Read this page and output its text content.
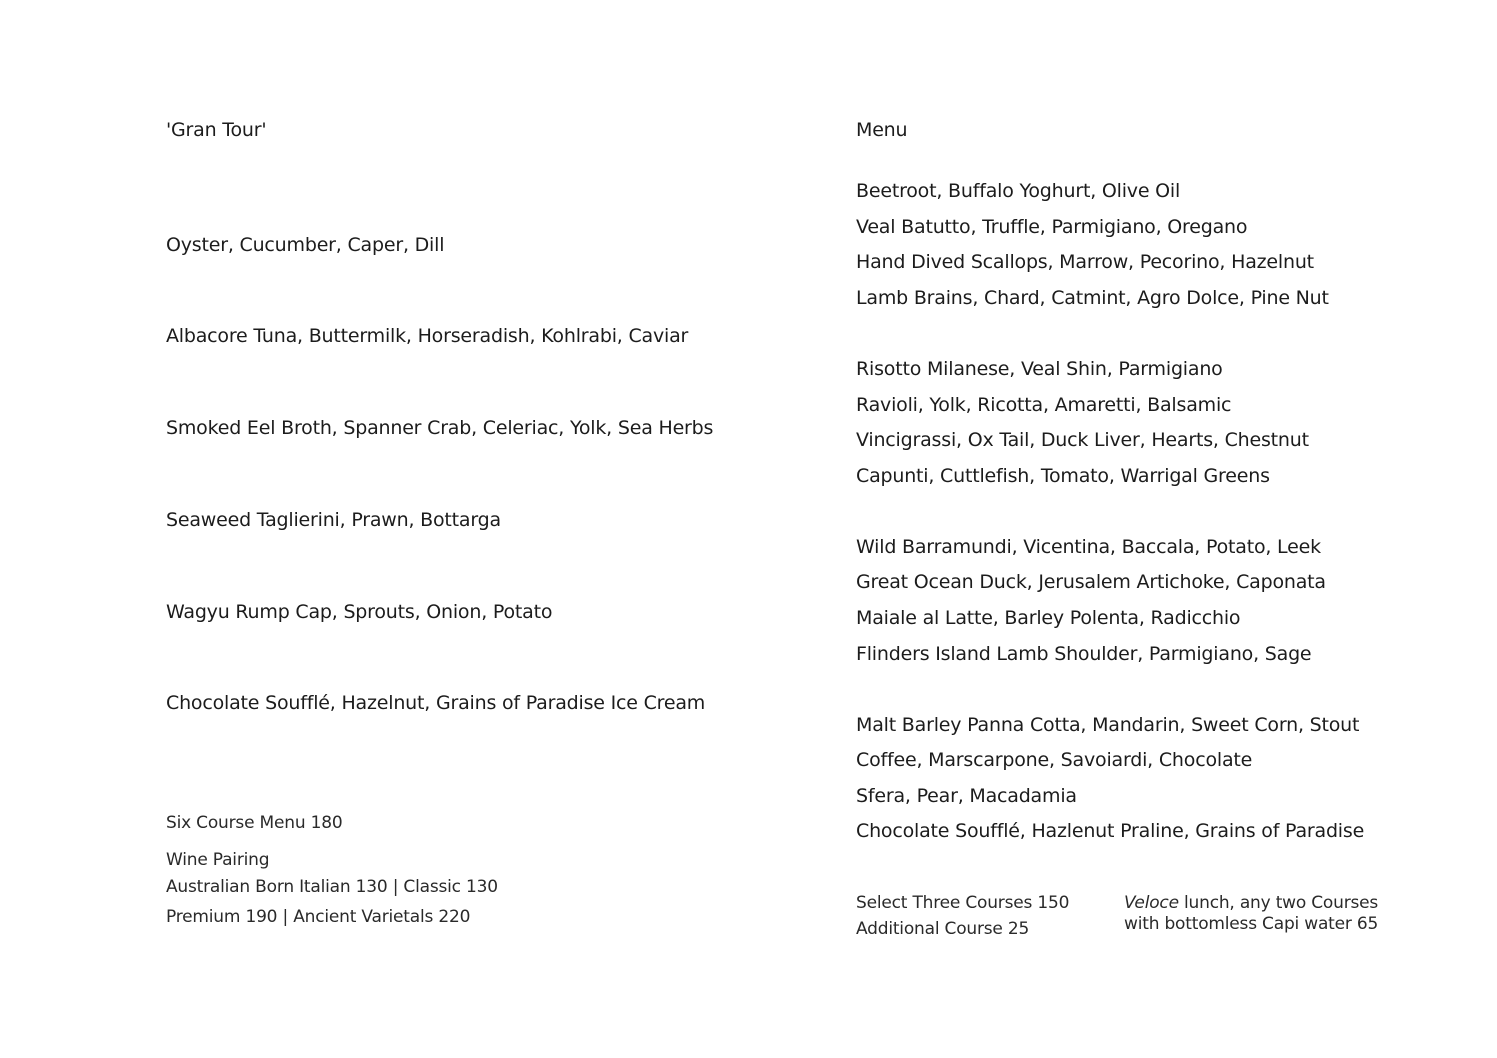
'Gran Tour'
Oyster, Cucumber, Caper, Dill
Albacore Tuna, Buttermilk, Horseradish, Kohlrabi, Caviar
Smoked Eel Broth, Spanner Crab, Celeriac, Yolk, Sea Herbs
Seaweed Taglierini, Prawn, Bottarga
Wagyu Rump Cap, Sprouts, Onion, Potato
Chocolate Soufflé, Hazelnut, Grains of Paradise Ice Cream
Six Course Menu 180
Wine Pairing
Australian Born Italian 130 | Classic 130
Premium 190 | Ancient Varietals 220
Menu
Beetroot, Buffalo Yoghurt, Olive Oil
Veal Batutto, Truffle, Parmigiano, Oregano
Hand Dived Scallops, Marrow, Pecorino, Hazelnut
Lamb Brains, Chard, Catmint, Agro Dolce, Pine Nut
Risotto Milanese, Veal Shin, Parmigiano
Ravioli, Yolk, Ricotta, Amaretti, Balsamic
Vincigrassi, Ox Tail, Duck Liver, Hearts, Chestnut
Capunti, Cuttlefish, Tomato, Warrigal Greens
Wild Barramundi, Vicentina, Baccala, Potato, Leek
Great Ocean Duck, Jerusalem Artichoke, Caponata
Maiale al Latte, Barley Polenta, Radicchio
Flinders Island Lamb Shoulder, Parmigiano, Sage
Malt Barley Panna Cotta, Mandarin, Sweet Corn, Stout
Coffee, Marscarpone, Savoiardi, Chocolate
Sfera, Pear, Macadamia
Chocolate Soufflé, Hazlenut Praline, Grains of Paradise
Select Three Courses 150
Additional Course 25
Veloce lunch, any two Courses
with bottomless Capi water 65
